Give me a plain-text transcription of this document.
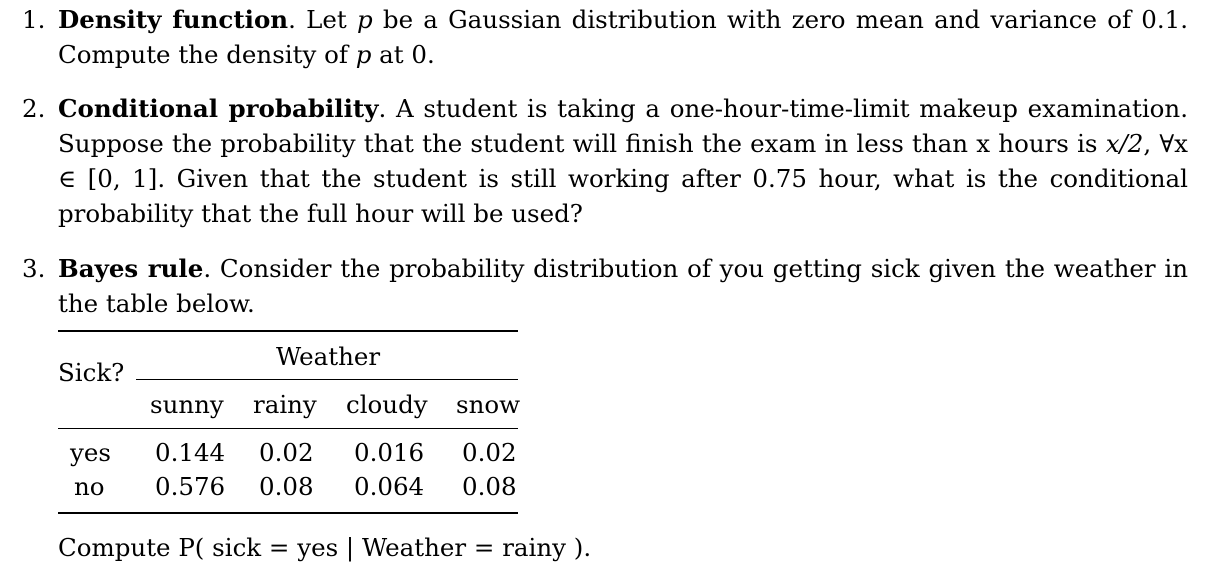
1. Density function. Let p be a Gaussian distribution with zero mean and variance of 0.1. Compute the density of p at 0.
2. Conditional probability. A student is taking a one-hour-time-limit makeup examination. Suppose the probability that the student will finish the exam in less than x hours is x/2, ∀x ∈ [0, 1]. Given that the student is still working after 0.75 hour, what is the conditional probability that the full hour will be used?
3. Bayes rule. Consider the probability distribution of you getting sick given the weather in the table below.
Sick?
Weather
sunny rainy cloudy snow
yes 0.144 0.02 0.016 0.02
no 0.576 0.08 0.064 0.08
Compute P( sick = yes | Weather = rainy ).
